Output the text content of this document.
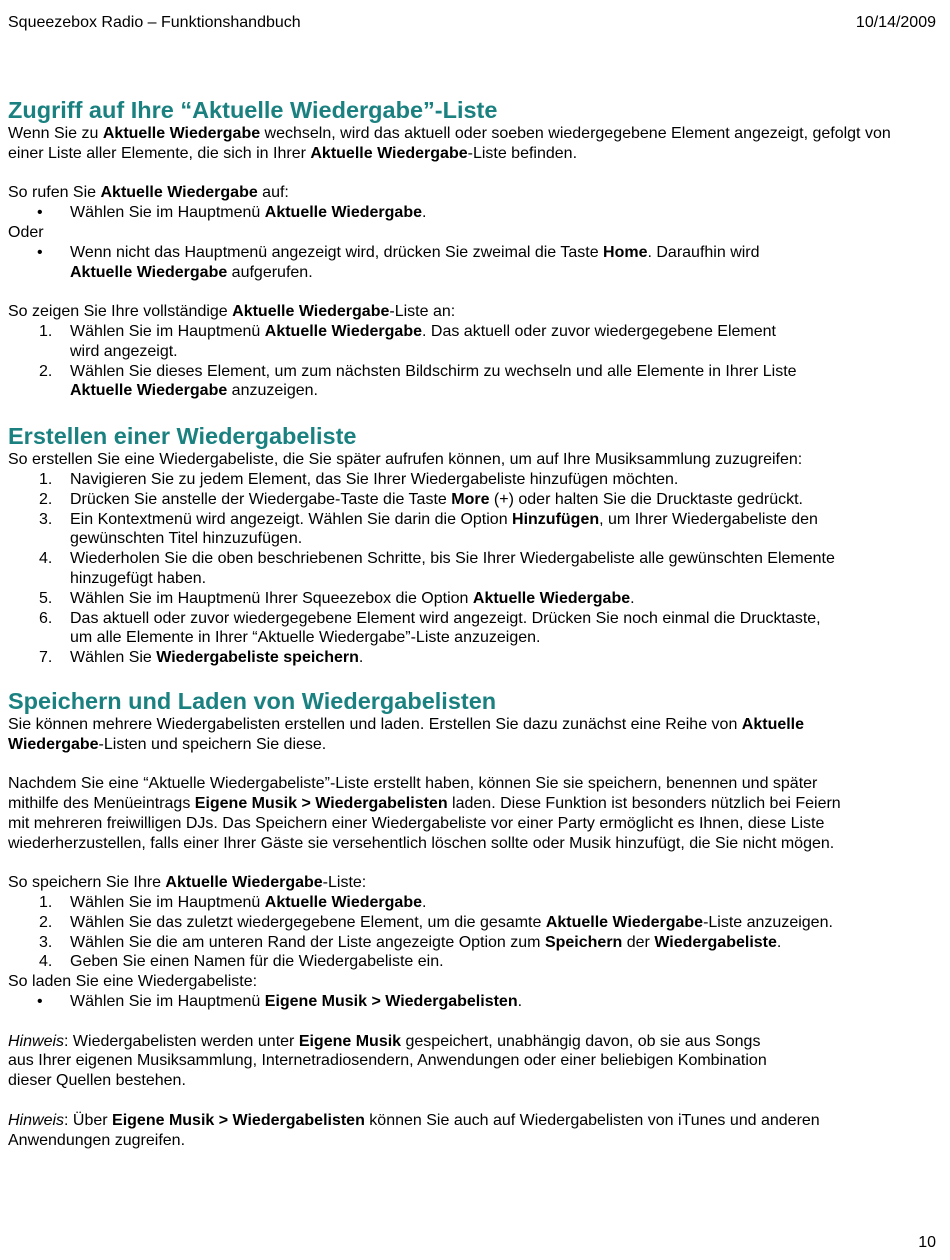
Squeezebox Radio – Funktionshandbuch	10/14/2009
Zugriff auf Ihre “Aktuelle Wiedergabe”-Liste

Wenn Sie zu Aktuelle Wiedergabe wechseln, wird das aktuell oder soeben wiedergegebene Element angezeigt, gefolgt von einer Liste aller Elemente, die sich in Ihrer Aktuelle Wiedergabe-Liste befinden.

So rufen Sie Aktuelle Wiedergabe auf:

• Wählen Sie im Hauptmenü Aktuelle Wiedergabe.

Oder

• Wenn nicht das Hauptmenü angezeigt wird, drücken Sie zweimal die Taste Home. Daraufhin wird
Aktuelle Wiedergabe aufgerufen.

So zeigen Sie Ihre vollständige Aktuelle Wiedergabe-Liste an:

1. Wählen Sie im Hauptmenü Aktuelle Wiedergabe. Das aktuell oder zuvor wiedergegebene Element
wird angezeigt.
2. Wählen Sie dieses Element, um zum nächsten Bildschirm zu wechseln und alle Elemente in Ihrer Liste
Aktuelle Wiedergabe anzuzeigen.
Erstellen einer Wiedergabeliste

So erstellen Sie eine Wiedergabeliste, die Sie später aufrufen können, um auf Ihre Musiksammlung zuzugreifen:

1. Navigieren Sie zu jedem Element, das Sie Ihrer Wiedergabeliste hinzufügen möchten.
2. Drücken Sie anstelle der Wiedergabe-Taste die Taste More (+) oder halten Sie die Drucktaste gedrückt.
3. Ein Kontextmenü wird angezeigt. Wählen Sie darin die Option Hinzufügen, um Ihrer Wiedergabeliste den
gewünschten Titel hinzuzufügen.
4. Wiederholen Sie die oben beschriebenen Schritte, bis Sie Ihrer Wiedergabeliste alle gewünschten Elemente
hinzugefügt haben.
5. Wählen Sie im Hauptmenü Ihrer Squeezebox die Option Aktuelle Wiedergabe.
6. Das aktuell oder zuvor wiedergegebene Element wird angezeigt. Drücken Sie noch einmal die Drucktaste,
um alle Elemente in Ihrer “Aktuelle Wiedergabe”-Liste anzuzeigen.
7. Wählen Sie Wiedergabeliste speichern.
Speichern und Laden von Wiedergabelisten

Sie können mehrere Wiedergabelisten erstellen und laden. Erstellen Sie dazu zunächst eine Reihe von Aktuelle
Wiedergabe-Listen und speichern Sie diese.

Nachdem Sie eine “Aktuelle Wiedergabeliste”-Liste erstellt haben, können Sie sie speichern, benennen und später
mithilfe des Menüeintrags Eigene Musik > Wiedergabelisten laden. Diese Funktion ist besonders nützlich bei Feiern
mit mehreren freiwilligen DJs. Das Speichern einer Wiedergabeliste vor einer Party ermöglicht es Ihnen, diese Liste
wiederherzustellen, falls einer Ihrer Gäste sie versehentlich löschen sollte oder Musik hinzufügt, die Sie nicht mögen.

So speichern Sie Ihre Aktuelle Wiedergabe-Liste:

1. Wählen Sie im Hauptmenü Aktuelle Wiedergabe.
2. Wählen Sie das zuletzt wiedergegebene Element, um die gesamte Aktuelle Wiedergabe-Liste anzuzeigen.
3. Wählen Sie die am unteren Rand der Liste angezeigte Option zum Speichern der Wiedergabeliste.
4. Geben Sie einen Namen für die Wiedergabeliste ein.

So laden Sie eine Wiedergabeliste:

• Wählen Sie im Hauptmenü Eigene Musik > Wiedergabelisten.

Hinweis: Wiedergabelisten werden unter Eigene Musik gespeichert, unabhängig davon, ob sie aus Songs
aus Ihrer eigenen Musiksammlung, Internetradiosendern, Anwendungen oder einer beliebigen Kombination
dieser Quellen bestehen.

Hinweis: Über Eigene Musik > Wiedergabelisten können Sie auch auf Wiedergabelisten von iTunes und anderen
Anwendungen zugreifen.

10
